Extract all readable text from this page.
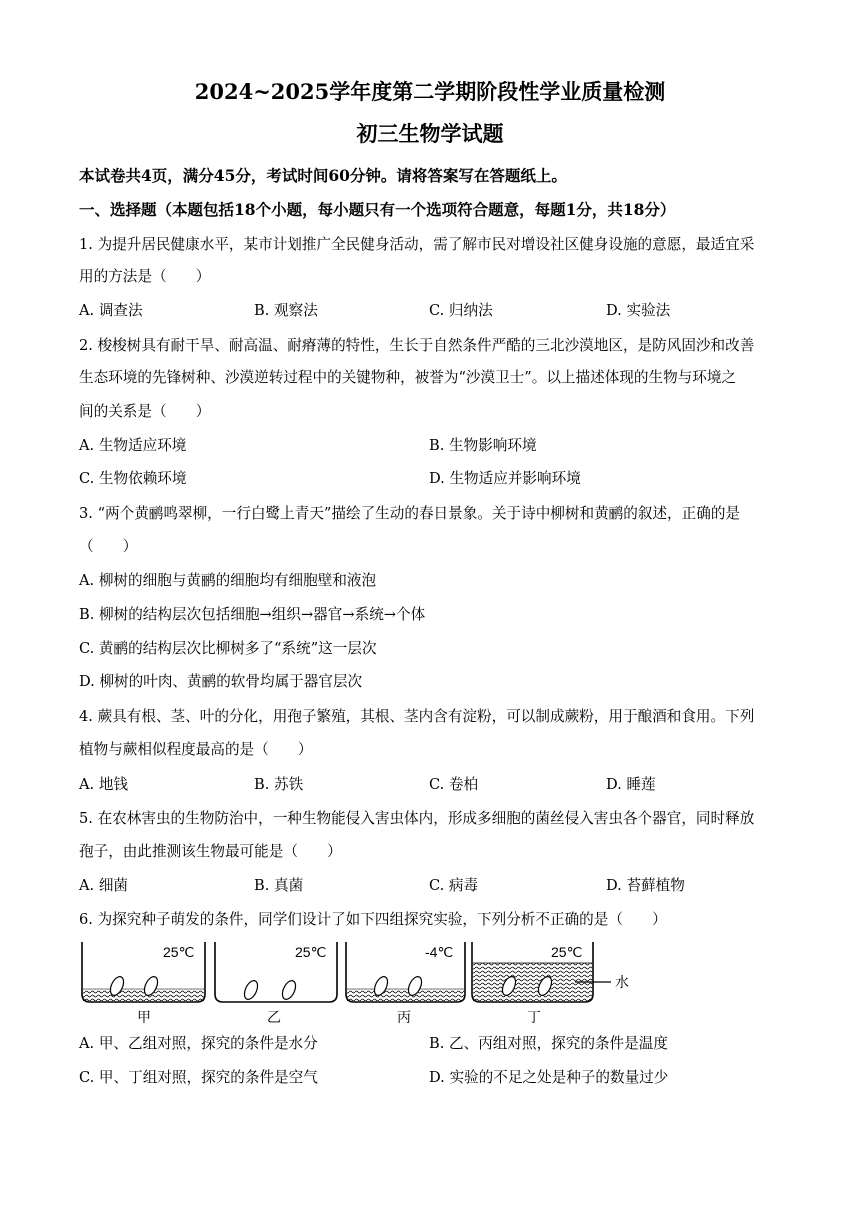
2024~2025学年度第二学期阶段性学业质量检测
初三生物学试题
本试卷共4页，满分45分，考试时间60分钟。请将答案写在答题纸上。
一、选择题（本题包括18个小题，每小题只有一个选项符合题意，每题1分，共18分）
1. 为提升居民健康水平，某市计划推广全民健身活动，需了解市民对增设社区健身设施的意愿，最适宜采
用的方法是（　　）
A. 调查法	B. 观察法	C. 归纳法	D. 实验法
2. 梭梭树具有耐干旱、耐高温、耐瘠薄的特性，生长于自然条件严酷的三北沙漠地区，是防风固沙和改善
生态环境的先锋树种、沙漠逆转过程中的关键物种，被誉为“沙漠卫士”。以上描述体现的生物与环境之
间的关系是（　　）
A. 生物适应环境	B. 生物影响环境
C. 生物依赖环境	D. 生物适应并影响环境
3. “两个黄鹂鸣翠柳，一行白鹭上青天”描绘了生动的春日景象。关于诗中柳树和黄鹂的叙述，正确的是
（　　）
A. 柳树的细胞与黄鹂的细胞均有细胞壁和液泡
B. 柳树的结构层次包括细胞→组织→器官→系统→个体
C. 黄鹂的结构层次比柳树多了“系统”这一层次
D. 柳树的叶肉、黄鹂的软骨均属于器官层次
4. 蕨具有根、茎、叶的分化，用孢子繁殖，其根、茎内含有淀粉，可以制成蕨粉，用于酿酒和食用。下列
植物与蕨相似程度最高的是（　　）
A. 地钱	B. 苏铁	C. 卷柏	D. 睡莲
5. 在农林害虫的生物防治中，一种生物能侵入害虫体内，形成多细胞的菌丝侵入害虫各个器官，同时释放
孢子，由此推测该生物最可能是（　　）
A. 细菌	B. 真菌	C. 病毒	D. 苔藓植物
6. 为探究种子萌发的条件，同学们设计了如下四组探究实验，下列分析不正确的是（　　）
25℃
甲
25℃
乙
-4℃
丙
25℃
丁
水
A. 甲、乙组对照，探究的条件是水分	B. 乙、丙组对照，探究的条件是温度
C. 甲、丁组对照，探究的条件是空气	D. 实验的不足之处是种子的数量过少
